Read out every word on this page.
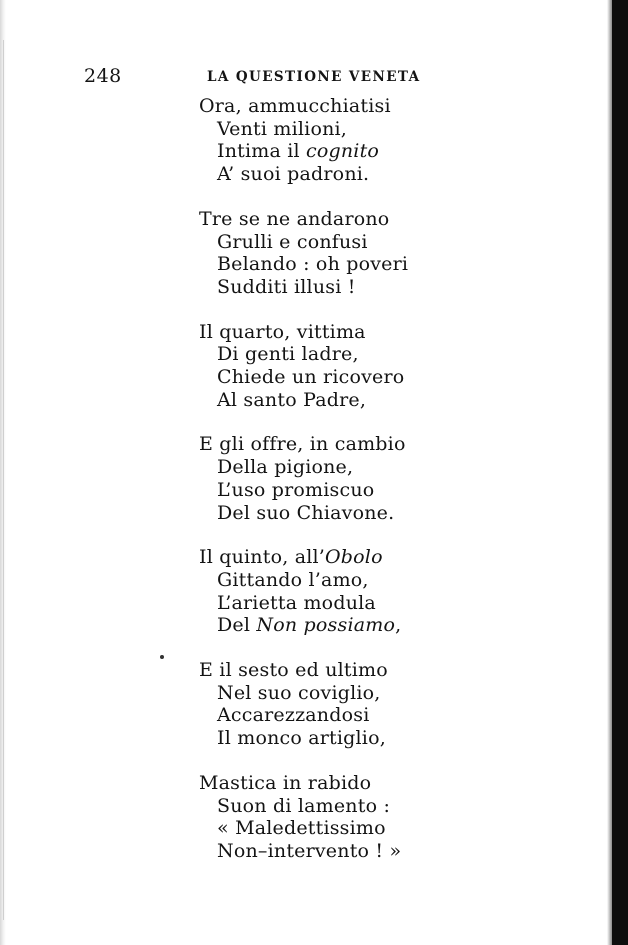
248	LA QUESTIONE VENETA

Ora, ammucchiatisi
Venti milioni,
Intima il cognito
A’ suoi padroni.
Tre se ne andarono
Grulli e confusi
Belando : oh poveri
Sudditi illusi !
Il quarto, vittima
Di genti ladre,
Chiede un ricovero
Al santo Padre,
E gli offre, in cambio
Della pigione,
L’uso promiscuo
Del suo Chiavone.
Il quinto, all’Obolo
Gittando l’amo,
L’arietta modula
Del Non possiamo,
E il sesto ed ultimo
Nel suo coviglio,
Accarezzandosi
Il monco artiglio,
Mastica in rabido
Suon di lamento :
« Maledettissimo
Non–intervento ! »
